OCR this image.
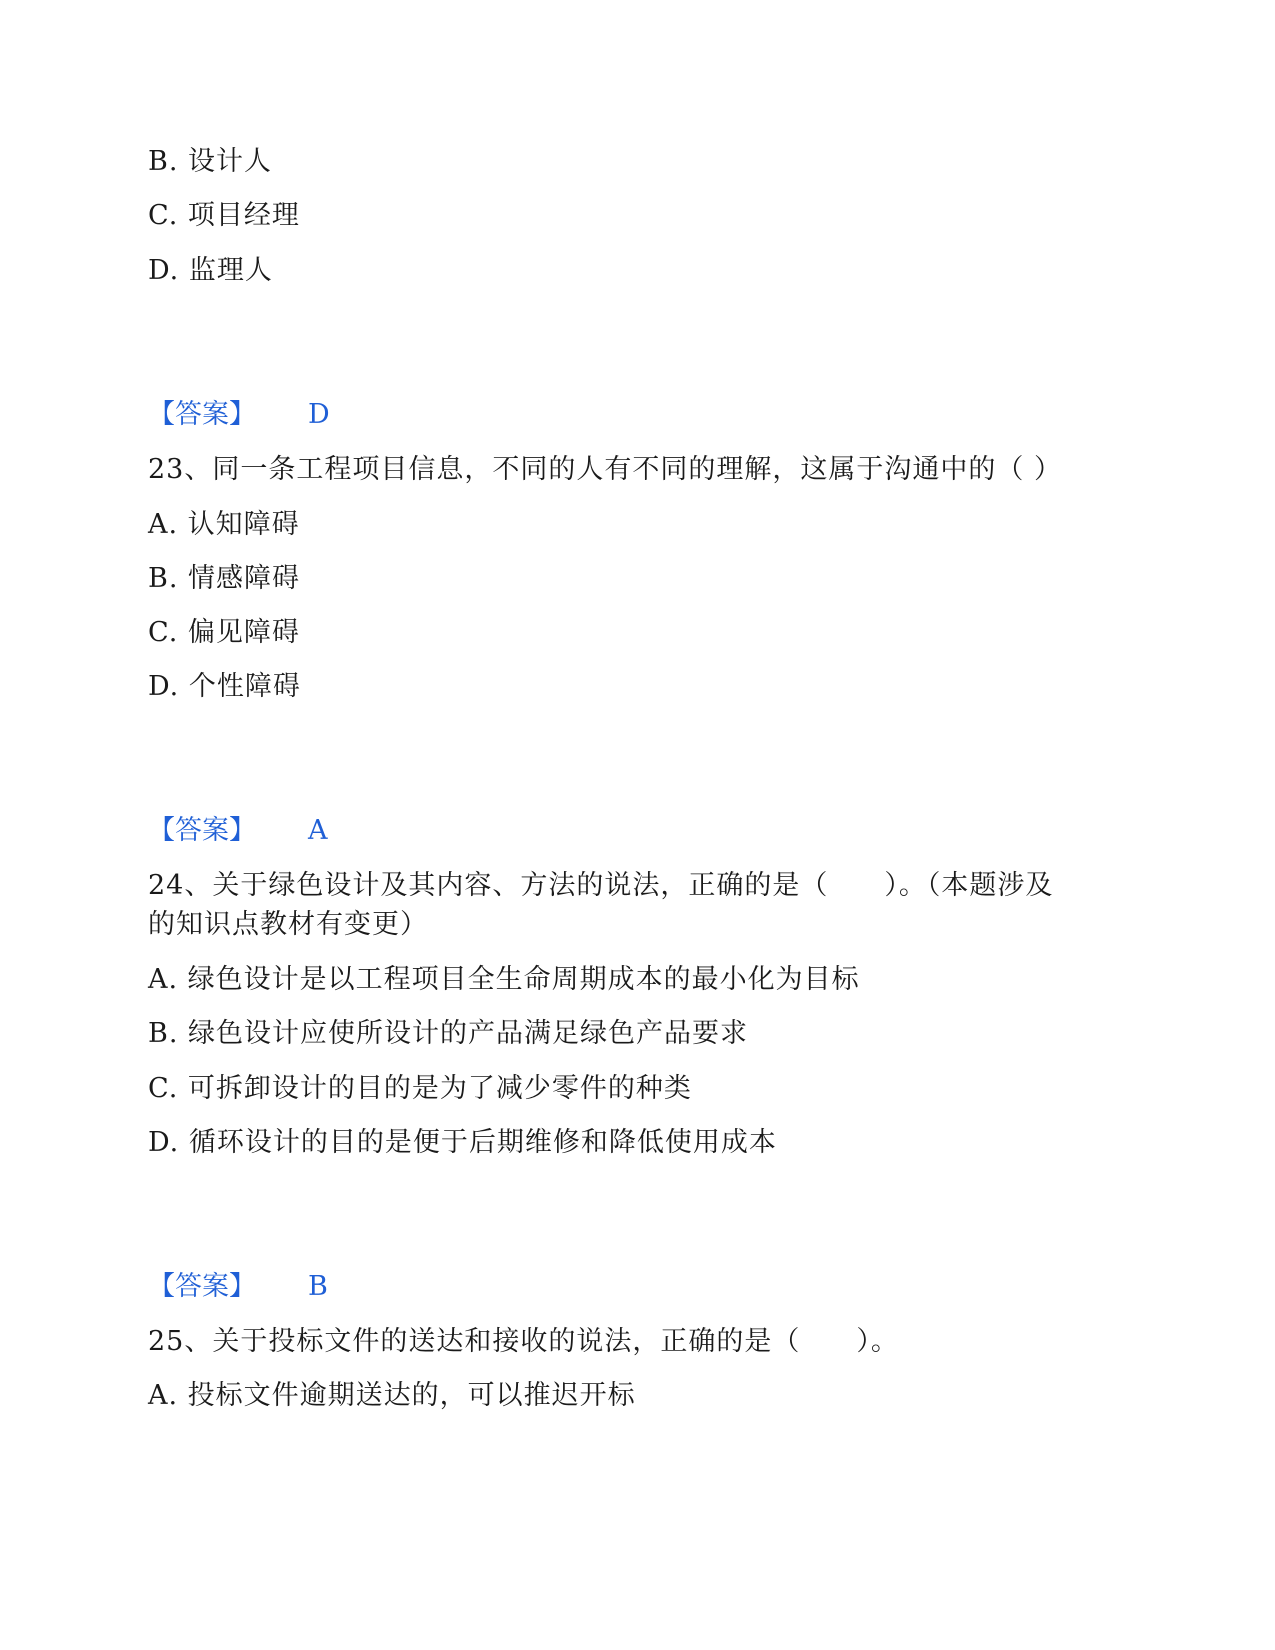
B. 设计人
C. 项目经理
D. 监理人
【答案】 D
23、同一条工程项目信息，不同的人有不同的理解，这属于沟通中的（ ）
A. 认知障碍
B. 情感障碍
C. 偏见障碍
D. 个性障碍
【答案】 A
24、关于绿色设计及其内容、方法的说法，正确的是（　　）。（本题涉及
的知识点教材有变更）
A. 绿色设计是以工程项目全生命周期成本的最小化为目标
B. 绿色设计应使所设计的产品满足绿色产品要求
C. 可拆卸设计的目的是为了减少零件的种类
D. 循环设计的目的是便于后期维修和降低使用成本
【答案】 B
25、关于投标文件的送达和接收的说法，正确的是（　　）。
A. 投标文件逾期送达的，可以推迟开标
